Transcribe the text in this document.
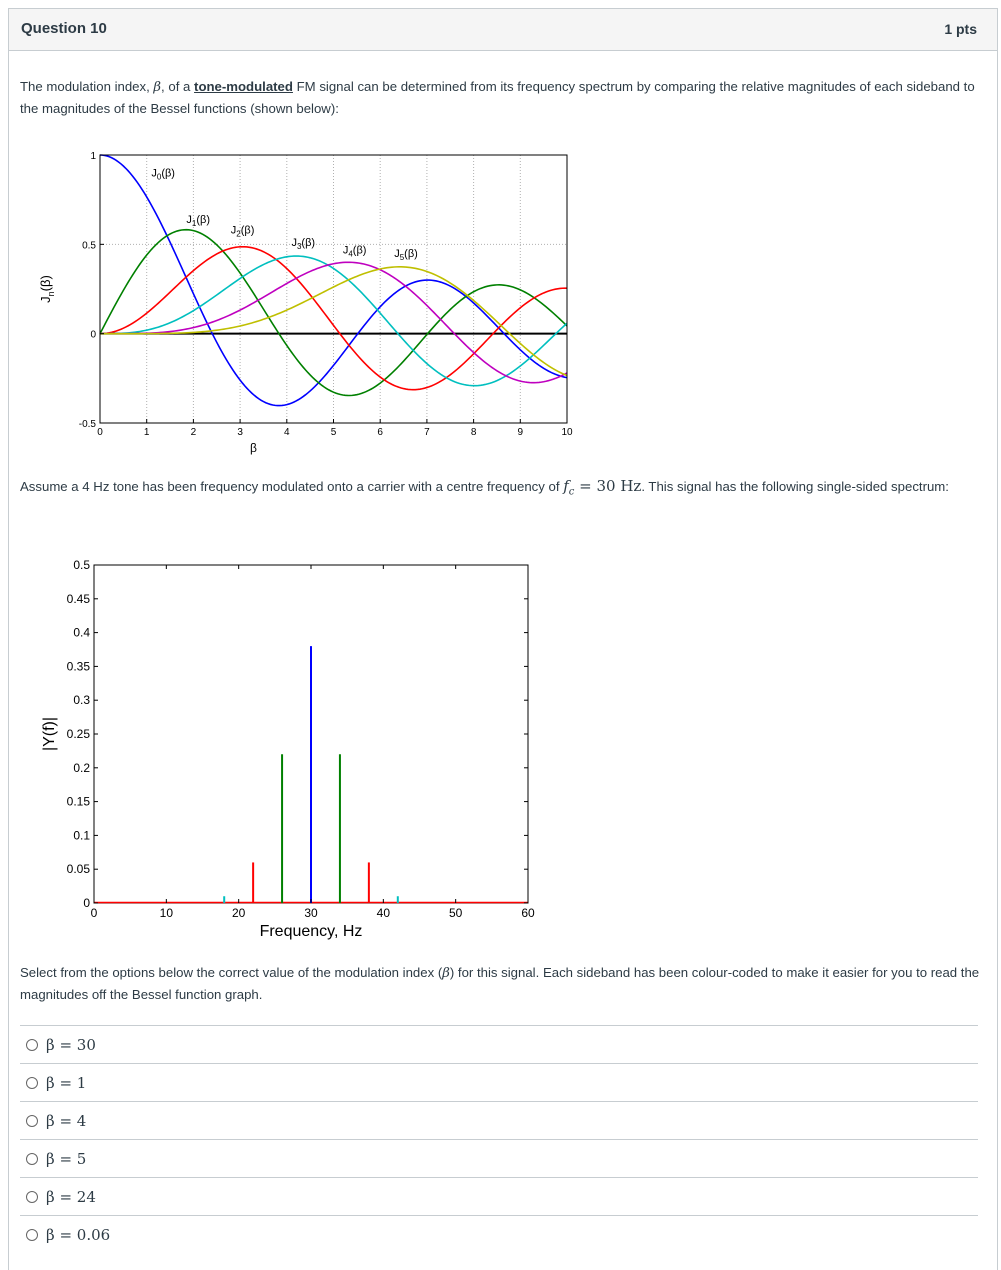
Question 10	1 pts
The modulation index, β, of a tone-modulated FM signal can be determined from its frequency spectrum by comparing the relative magnitudes of each sideband to the magnitudes of the Bessel functions (shown below):
0	1	2	3	4	5	6	7	8	9	10
-0.5
0
0.5
1
β
$J_n(\beta)$
$J_0(\beta)$
$J_1(\beta)$
$J_2(\beta)$
$J_3(\beta)$
$J_4(\beta)$	$J_5(\beta)$
Assume a 4 Hz tone has been frequency modulated onto a carrier with a centre frequency of $f_c = 30$ Hz. This signal has the following single-sided spectrum:
0	10	20	30	40	50	60
0
0.05
0.1
0.15
0.2
0.25
0.3
0.35
0.4
0.45
0.5
Frequency, Hz
|Y(f)|
Select from the options below the correct value of the modulation index (β) for this signal. Each sideband has been colour-coded to make it easier for you to read the magnitudes off the Bessel function graph.
β = 30
β = 1
β = 4
β = 5
β = 24
β = 0.06
